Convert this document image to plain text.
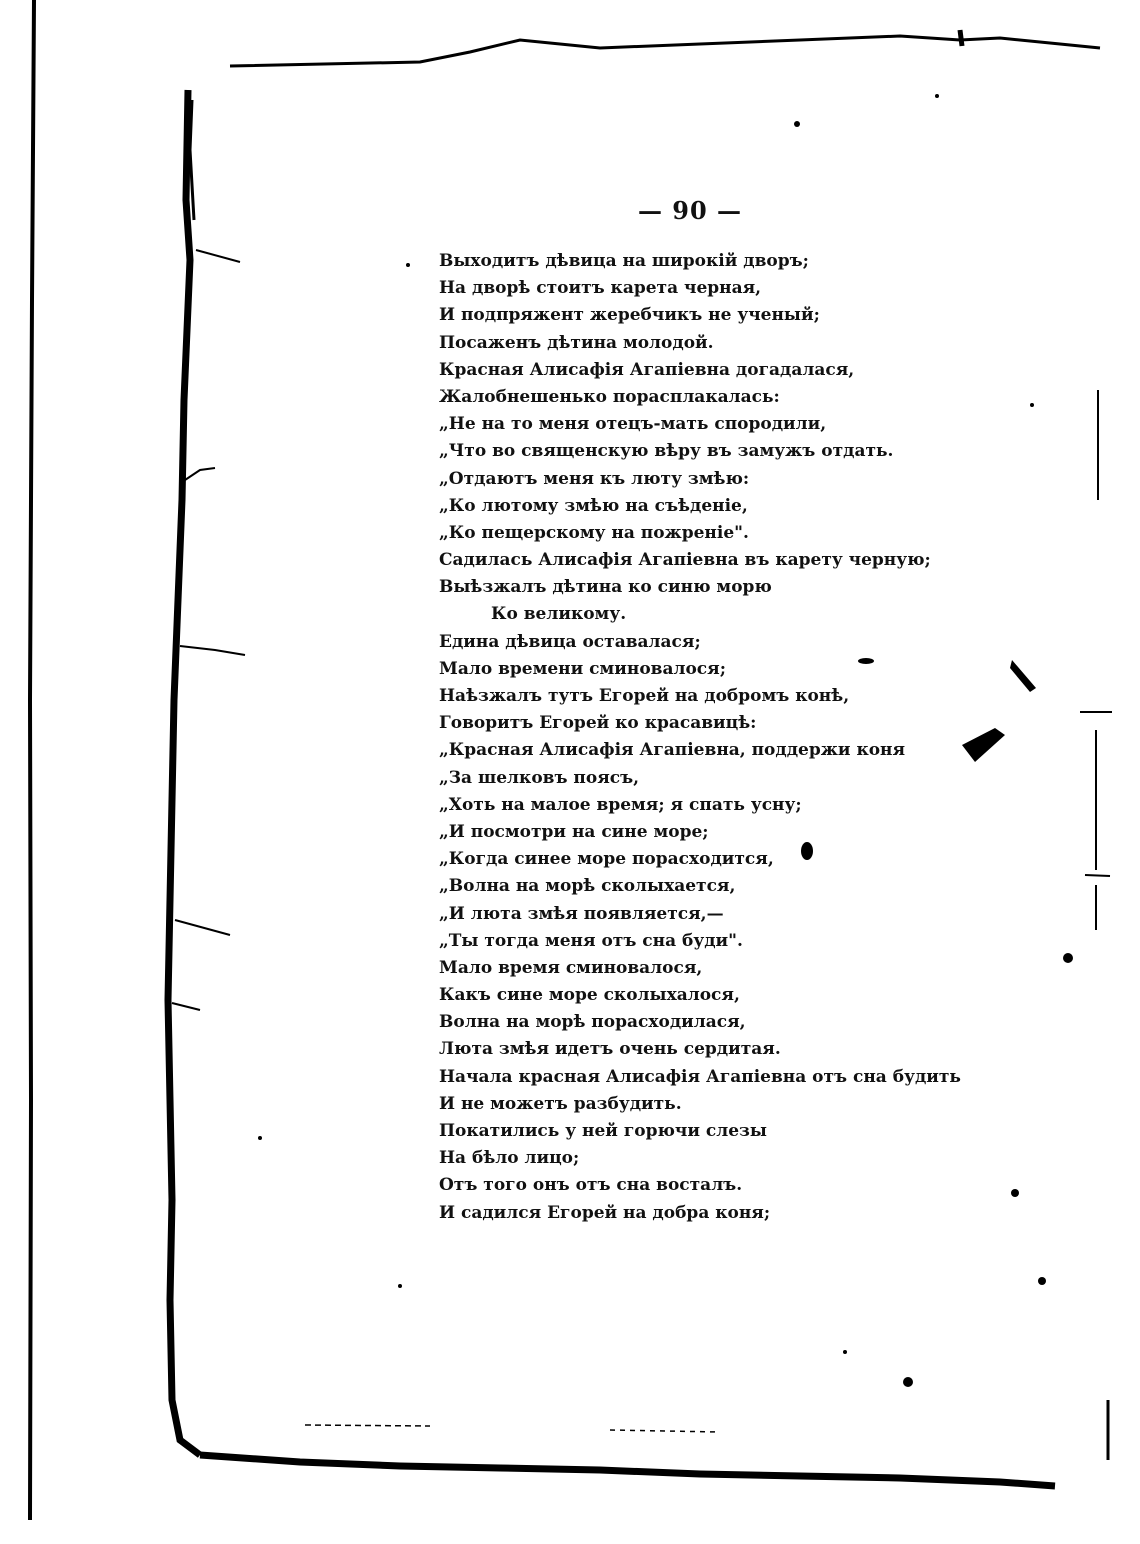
— 90 —
Выходитъ дѣвица на широкій дворъ;
На дворѣ стоитъ карета черная,
И подпряжент жеребчикъ не ученый;
Посаженъ дѣтина молодой.
Красная Алисафія Агапіевна догадалася,
Жалобнешенько порасплакалась:
„Не на то меня отецъ-мать спородили,
„Что во священскую вѣру въ замужъ отдать.
„Отдаютъ меня къ люту змѣю:
„Ко лютому змѣю на съѣденіе,
„Ко пещерскому на пожреніе".
Садилась Алисафія Агапіевна въ карету черную;
Выѣзжалъ дѣтина ко синю морю
Ко великому.
Едина дѣвица оставалася;
Мало времени сминовалося;
Наѣзжалъ тутъ Егорей на добромъ конѣ,
Говоритъ Егорей ко красавицѣ:
„Красная Алисафія Агапіевна, поддержи коня
„За шелковъ поясъ,
„Хоть на малое время; я спать усну;
„И посмотри на сине море;
„Когда синее море порасходится,
„Волна на морѣ сколыхается,
„И люта змѣя появляется,—
„Ты тогда меня отъ сна буди".
Мало время сминовалося,
Какъ сине море сколыхалося,
Волна на морѣ порасходилася,
Люта змѣя идетъ очень сердитая.
Начала красная Алисафія Агапіевна отъ сна будить
И не можетъ разбудить.
Покатились у ней горючи слезы
На бѣло лицо;
Отъ того онъ отъ сна восталъ.
И садился Егорей на добра коня;
